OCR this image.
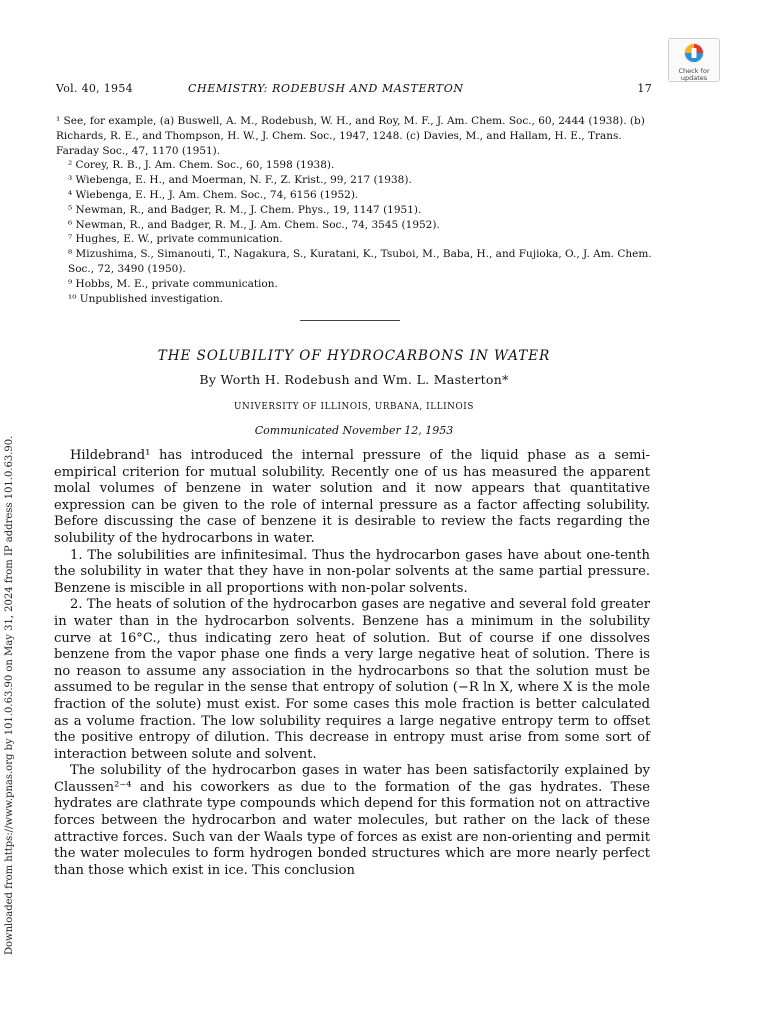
Check for
updates
Vol. 40, 1954	CHEMISTRY: RODEBUSH AND MASTERTON	17

¹ See, for example, (a) Buswell, A. M., Rodebush, W. H., and Roy, M. F., J. Am. Chem. Soc., 60, 2444 (1938). (b) Richards, R. E., and Thompson, H. W., J. Chem. Soc., 1947, 1248. (c) Davies, M., and Hallam, H. E., Trans. Faraday Soc., 47, 1170 (1951).

² Corey, R. B., J. Am. Chem. Soc., 60, 1598 (1938).

³ Wiebenga, E. H., and Moerman, N. F., Z. Krist., 99, 217 (1938).

⁴ Wiebenga, E. H., J. Am. Chem. Soc., 74, 6156 (1952).

⁵ Newman, R., and Badger, R. M., J. Chem. Phys., 19, 1147 (1951).

⁶ Newman, R., and Badger, R. M., J. Am. Chem. Soc., 74, 3545 (1952).

⁷ Hughes, E. W., private communication.

⁸ Mizushima, S., Simanouti, T., Nagakura, S., Kuratani, K., Tsuboi, M., Baba, H., and Fujioka, O., J. Am. Chem. Soc., 72, 3490 (1950).

⁹ Hobbs, M. E., private communication.

¹⁰ Unpublished investigation.

THE SOLUBILITY OF HYDROCARBONS IN WATER
By Worth H. Rodebush and Wm. L. Masterton*
UNIVERSITY OF ILLINOIS, URBANA, ILLINOIS
Communicated November 12, 1953

Hildebrand¹ has introduced the internal pressure of the liquid phase as a semi-empirical criterion for mutual solubility. Recently one of us has measured the apparent molal volumes of benzene in water solution and it now appears that quantitative expression can be given to the role of internal pressure as a factor affecting solubility. Before discussing the case of benzene it is desirable to review the facts regarding the solubility of the hydrocarbons in water.

1. The solubilities are infinitesimal. Thus the hydrocarbon gases have about one-tenth the solubility in water that they have in non-polar solvents at the same partial pressure. Benzene is miscible in all proportions with non-polar solvents.

2. The heats of solution of the hydrocarbon gases are negative and several fold greater in water than in the hydrocarbon solvents. Benzene has a minimum in the solubility curve at 16°C., thus indicating zero heat of solution. But of course if one dissolves benzene from the vapor phase one finds a very large negative heat of solution. There is no reason to assume any association in the hydrocarbons so that the solution must be assumed to be regular in the sense that entropy of solution (−R ln X, where X is the mole fraction of the solute) must exist. For some cases this mole fraction is better calculated as a volume fraction. The low solubility requires a large negative entropy term to offset the positive entropy of dilution. This decrease in entropy must arise from some sort of interaction between solute and solvent.

The solubility of the hydrocarbon gases in water has been satisfactorily explained by Claussen²⁻⁴ and his coworkers as due to the formation of the gas hydrates. These hydrates are clathrate type compounds which depend for this formation not on attractive forces between the hydrocarbon and water molecules, but rather on the lack of these attractive forces. Such van der Waals type of forces as exist are non-orienting and permit the water molecules to form hydrogen bonded structures which are more nearly perfect than those which exist in ice. This conclusion

Downloaded from https://www.pnas.org by 101.0.63.90 on May 31, 2024 from IP address 101.0.63.90.
